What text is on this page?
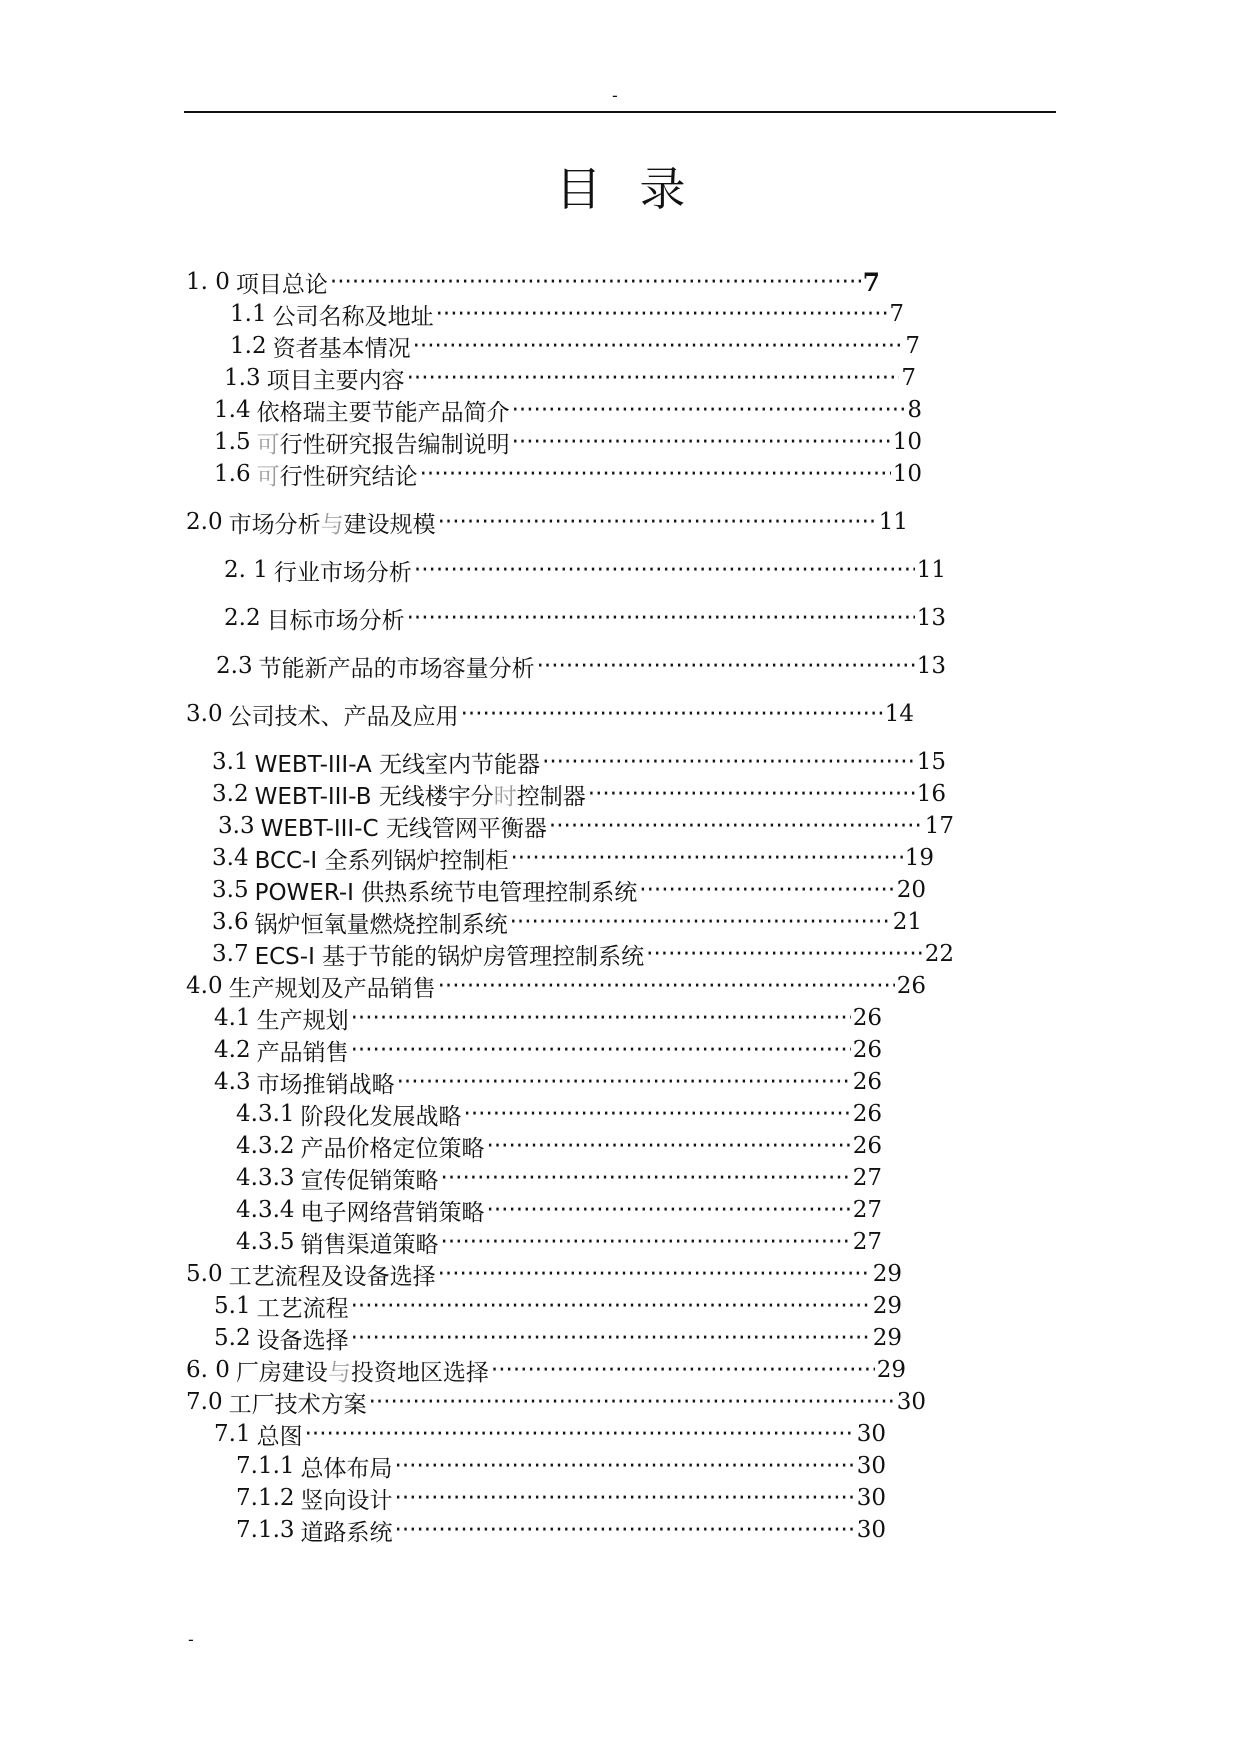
-
目录
1. 0 项目总论 ·····	7
1.1 公司名称及地址 ·····	7
1.2 资者基本情况 ·····	7
1.3 项目主要内容 ·····	7
1.4 依格瑞主要节能产品简介 ·····	8
1.5 可 行性研究报告编制说明 ·····	10
1.6 可 行性研究结论 ·····	10
2.0 市场分析 与 建设规模 ·····	11
2. 1 行业市场分析 ·····	11
2.2 目标市场分析 ·····	13
2.3 节能新产品的市场容量分析 ·····	13
3.0 公司技术、产品及应用 ·····	14
3.1 WEBT-III-A 无线室内节能器 ·····	15
3.2 WEBT-III-B 无线楼宇分 时 控制器 ·····	16
3.3 WEBT-III-C 无线管网平衡器 ·····	17
3.4 BCC-I 全系列锅炉控制柜 ·····	19
3.5 POWER-I 供热系统节电管理控制系统 ·····	20
3.6 锅炉恒氧量燃烧控制系统 ·····	21
3.7 ECS-I 基于节能的锅炉房管理控制系统 ·····	22
4.0 生产规划及产品销售 ·····	26
4.1 生产规划 ·····	26
4.2 产品销售 ·····	26
4.3 市场推销战略 ·····	26
4.3.1 阶段化发展战略 ·····	26
4.3.2 产品价格定位策略 ·····	26
4.3.3 宣传促销策略 ·····	27
4.3.4 电子网络营销策略 ·····	27
4.3.5 销售渠道策略 ·····	27
5.0 工艺流程及设备选择 ·····	29
5.1 工艺流程 ·····	29
5.2 设备选择 ·····	29
6. 0 厂房建设 与 投资地区选择 ·····	29
7.0 工厂技术方案 ·····	30
7.1 总图 ·····	30
7.1.1 总体布局 ·····	30
7.1.2 竖向设计 ·····	30
7.1.3 道路系统 ·····	30
-
